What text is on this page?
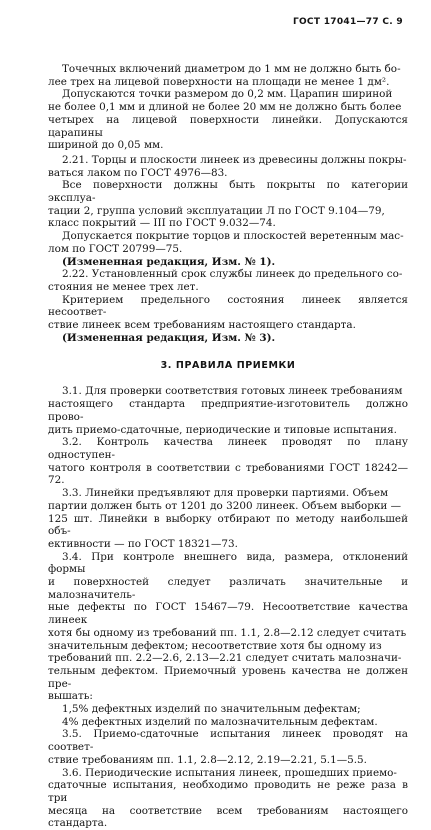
ГОСТ 17041—77 С. 9

Точечных включений диаметром до 1 мм не должно быть бо-

лее трех на лицевой поверхности на площади не менее 1 дм².

Допускаются точки размером до 0,2 мм. Царапин шириной

не более 0,1 мм и длиной не более 20 мм не должно быть более

четырех на лицевой поверхности линейки. Допускаются царапины

шириной до 0,05 мм.

2.21. Торцы и плоскости линеек из древесины должны покры-

ваться лаком по ГОСТ 4976—83.

Все поверхности должны быть покрыты по категории эксплуа-

тации 2, группа условий эксплуатации Л по ГОСТ 9.104—79,

класс покрытий — III по ГОСТ 9.032—74.

Допускается покрытие торцов и плоскостей веретенным мас-

лом по ГОСТ 20799—75.

(Измененная редакция, Изм. № 1).

2.22. Установленный срок службы линеек до предельного со-

стояния не менее трех лет.

Критерием предельного состояния линеек является несоответ-

ствие линеек всем требованиям настоящего стандарта.

(Измененная редакция, Изм. № 3).

3. ПРАВИЛА ПРИЕМКИ

3.1. Для проверки соответствия готовых линеек требованиям

настоящего стандарта предприятие-изготовитель должно прово-

дить приемо-сдаточные, периодические и типовые испытания.

3.2. Контроль качества линеек проводят по плану одноступен-

чатого контроля в соответствии с требованиями ГОСТ 18242—72.

3.3. Линейки предъявляют для проверки партиями. Объем

партии должен быть от 1201 до 3200 линеек. Объем выборки —

125 шт. Линейки в выборку отбирают по методу наибольшей объ-

ективности — по ГОСТ 18321—73.

3.4. При контроле внешнего вида, размера, отклонений формы

и поверхностей следует различать значительные и малозначитель-

ные дефекты по ГОСТ 15467—79. Несоответствие качества линеек

хотя бы одному из требований пп. 1.1, 2.8—2.12 следует считать

значительным дефектом; несоответствие хотя бы одному из

требований пп. 2.2—2.6, 2.13—2.21 следует считать малозначи-

тельным дефектом. Приемочный уровень качества не должен пре-

вышать:

1,5% дефектных изделий по значительным дефектам;

4% дефектных изделий по малозначительным дефектам.

3.5. Приемо-сдаточные испытания линеек проводят на соответ-

ствие требованиям пп. 1.1, 2.8—2.12, 2.19—2.21, 5.1—5.5.

3.6. Периодические испытания линеек, прошедших приемо-

сдаточные испытания, необходимо проводить не реже раза в три

месяца на соответствие всем требованиям настоящего стандарта.
